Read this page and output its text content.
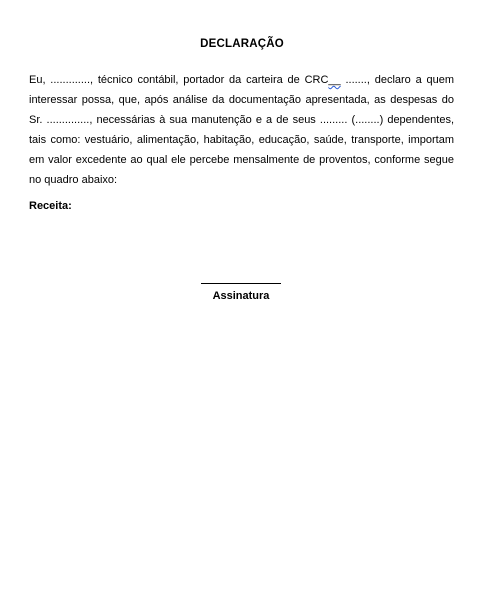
DECLARAÇÃO
Eu, ............., técnico contábil, portador da carteira de CRC__ ......., declaro a quem
interessar possa, que, após análise da documentação apresentada, as despesas do
Sr. .............., necessárias à sua manutenção e a de seus ......... (........) dependentes,
tais como: vestuário, alimentação, habitação, educação, saúde, transporte, importam
em valor excedente ao qual ele percebe mensalmente de proventos, conforme segue
no quadro abaixo:
Receita:
Assinatura
